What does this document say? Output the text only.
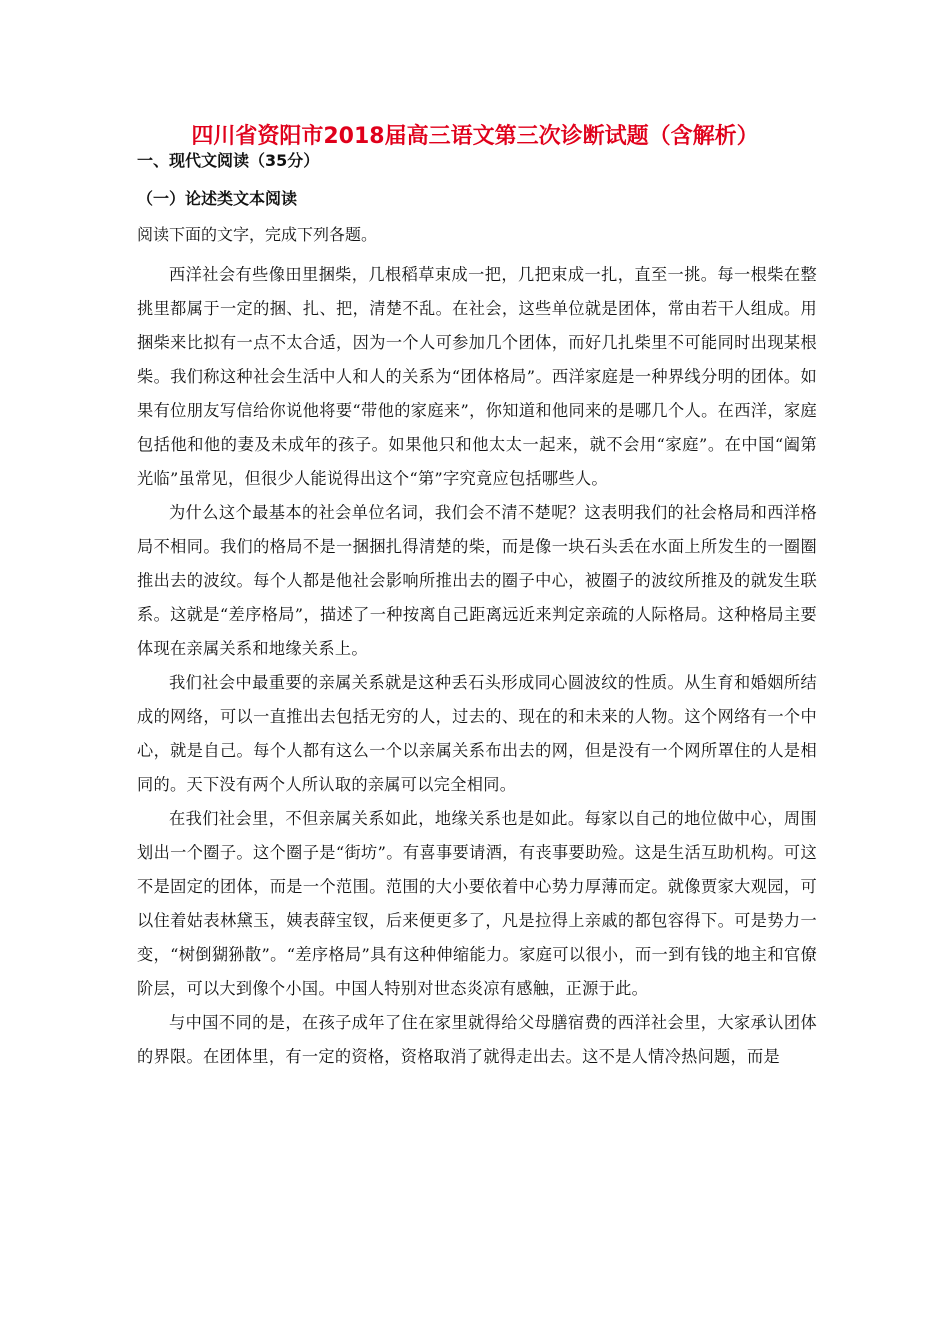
四川省资阳市2018届高三语文第三次诊断试题（含解析）
一、现代文阅读（35分）
（一）论述类文本阅读

阅读下面的文字，完成下列各题。

西洋社会有些像田里捆柴，几根稻草束成一把，几把束成一扎，直至一挑。每一根柴在整挑里都属于一定的捆、扎、把，清楚不乱。在社会，这些单位就是团体，常由若干人组成。用捆柴来比拟有一点不太合适，因为一个人可参加几个团体，而好几扎柴里不可能同时出现某根柴。我们称这种社会生活中人和人的关系为“团体格局”。西洋家庭是一种界线分明的团体。如果有位朋友写信给你说他将要“带他的家庭来”，你知道和他同来的是哪几个人。在西洋，家庭包括他和他的妻及未成年的孩子。如果他只和他太太一起来，就不会用“家庭”。在中国“阖第光临”虽常见，但很少人能说得出这个“第”字究竟应包括哪些人。

为什么这个最基本的社会单位名词，我们会不清不楚呢？这表明我们的社会格局和西洋格局不相同。我们的格局不是一捆捆扎得清楚的柴，而是像一块石头丢在水面上所发生的一圈圈推出去的波纹。每个人都是他社会影响所推出去的圈子中心，被圈子的波纹所推及的就发生联系。这就是“差序格局”，描述了一种按离自己距离远近来判定亲疏的人际格局。这种格局主要体现在亲属关系和地缘关系上。

我们社会中最重要的亲属关系就是这种丢石头形成同心圆波纹的性质。从生育和婚姻所结成的网络，可以一直推出去包括无穷的人，过去的、现在的和未来的人物。这个网络有一个中心，就是自己。每个人都有这么一个以亲属关系布出去的网，但是没有一个网所罩住的人是相同的。天下没有两个人所认取的亲属可以完全相同。

在我们社会里，不但亲属关系如此，地缘关系也是如此。每家以自己的地位做中心，周围划出一个圈子。这个圈子是“街坊”。有喜事要请酒，有丧事要助殓。这是生活互助机构。可这不是固定的团体，而是一个范围。范围的大小要依着中心势力厚薄而定。就像贾家大观园，可以住着姑表林黛玉，姨表薛宝钗，后来便更多了，凡是拉得上亲戚的都包容得下。可是势力一变，“树倒猢狲散”。“差序格局”具有这种伸缩能力。家庭可以很小，而一到有钱的地主和官僚阶层，可以大到像个小国。中国人特别对世态炎凉有感触，正源于此。

与中国不同的是，在孩子成年了住在家里就得给父母膳宿费的西洋社会里，大家承认团体的界限。在团体里，有一定的资格，资格取消了就得走出去。这不是人情冷热问题，而是
